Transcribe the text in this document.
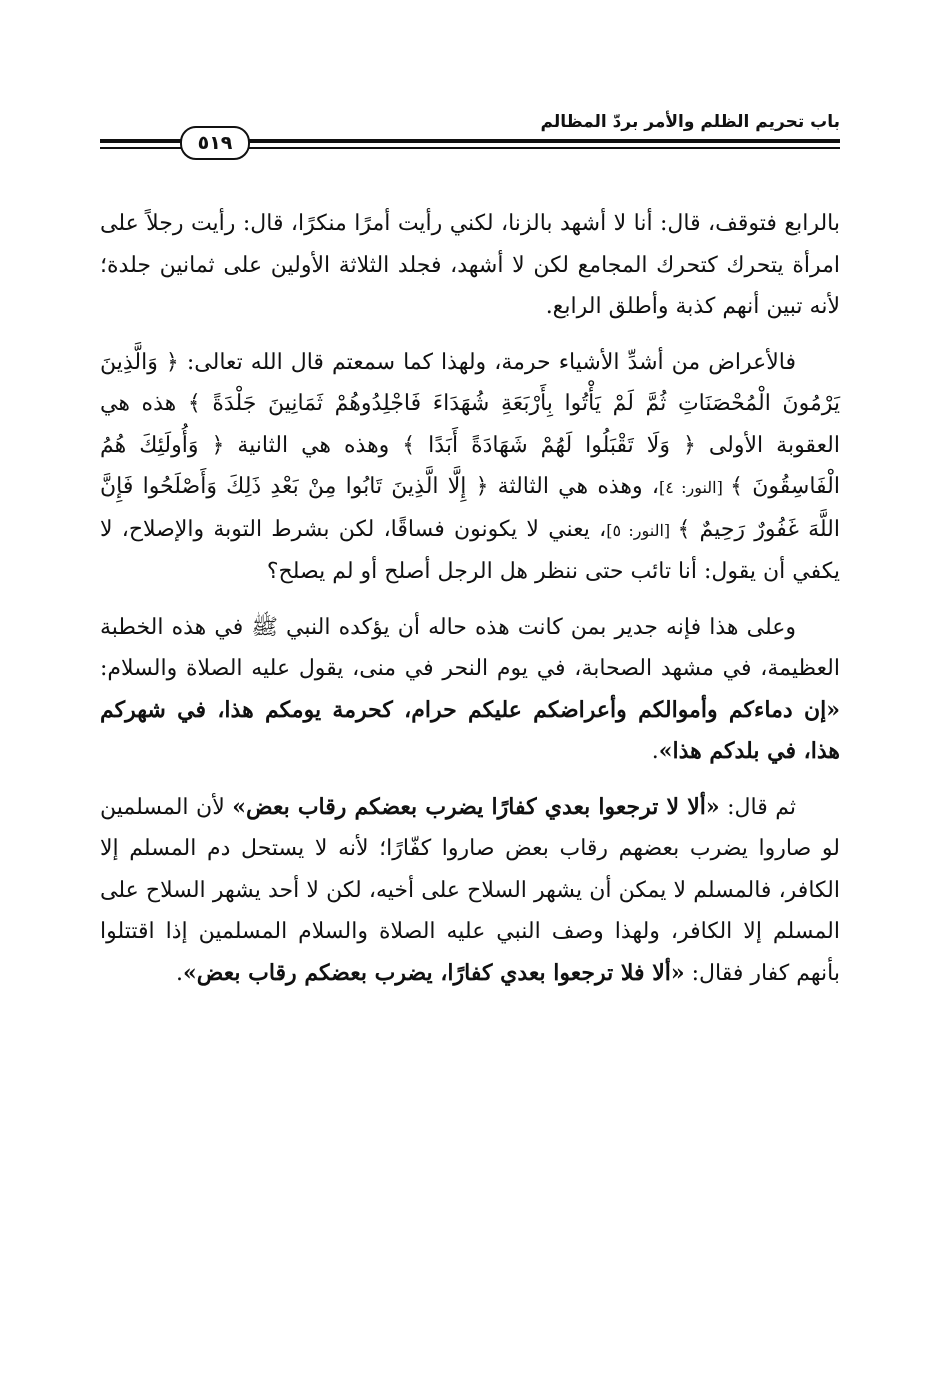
باب تحريم الظلم والأمر بردّ المظالم
٥١٩

بالرابع فتوقف، قال: أنا لا أشهد بالزنا، لكني رأيت أمرًا منكرًا، قال: رأيت رجلاً على امرأة يتحرك كتحرك المجامع لكن لا أشهد، فجلد الثلاثة الأولين على ثمانين جلدة؛ لأنه تبين أنهم كذبة وأطلق الرابع.

فالأعراض من أشدِّ الأشياء حرمة، ولهذا كما سمعتم قال الله تعالى: ﴿ وَالَّذِينَ يَرْمُونَ الْمُحْصَنَاتِ ثُمَّ لَمْ يَأْتُوا بِأَرْبَعَةِ شُهَدَاءَ فَاجْلِدُوهُمْ ثَمَانِينَ جَلْدَةً ﴾ هذه هي العقوبة الأولى ﴿ وَلَا تَقْبَلُوا لَهُمْ شَهَادَةً أَبَدًا ﴾ وهذه هي الثانية ﴿ وَأُولَئِكَ هُمُ الْفَاسِقُونَ ﴾ [النور: ٤]، وهذه هي الثالثة ﴿ إِلَّا الَّذِينَ تَابُوا مِنْ بَعْدِ ذَلِكَ وَأَصْلَحُوا فَإِنَّ اللَّهَ غَفُورٌ رَحِيمٌ ﴾ [النور: ٥]، يعني لا يكونون فساقًا، لكن بشرط التوبة والإصلاح، لا يكفي أن يقول: أنا تائب حتى ننظر هل الرجل أصلح أو لم يصلح؟

وعلى هذا فإنه جدير بمن كانت هذه حاله أن يؤكده النبي ﷺ في هذه الخطبة العظيمة، في مشهد الصحابة، في يوم النحر في منى، يقول عليه الصلاة والسلام: «إن دماءكم وأموالكم وأعراضكم عليكم حرام، كحرمة يومكم هذا، في شهركم هذا، في بلدكم هذا».

ثم قال: «ألا لا ترجعوا بعدي كفارًا يضرب بعضكم رقاب بعض» لأن المسلمين لو صاروا يضرب بعضهم رقاب بعض صاروا كفّارًا؛ لأنه لا يستحل دم المسلم إلا الكافر، فالمسلم لا يمكن أن يشهر السلاح على أخيه، لكن لا أحد يشهر السلاح على المسلم إلا الكافر، ولهذا وصف النبي عليه الصلاة والسلام المسلمين إذا اقتتلوا بأنهم كفار فقال: «ألا فلا ترجعوا بعدي كفارًا، يضرب بعضكم رقاب بعض».
